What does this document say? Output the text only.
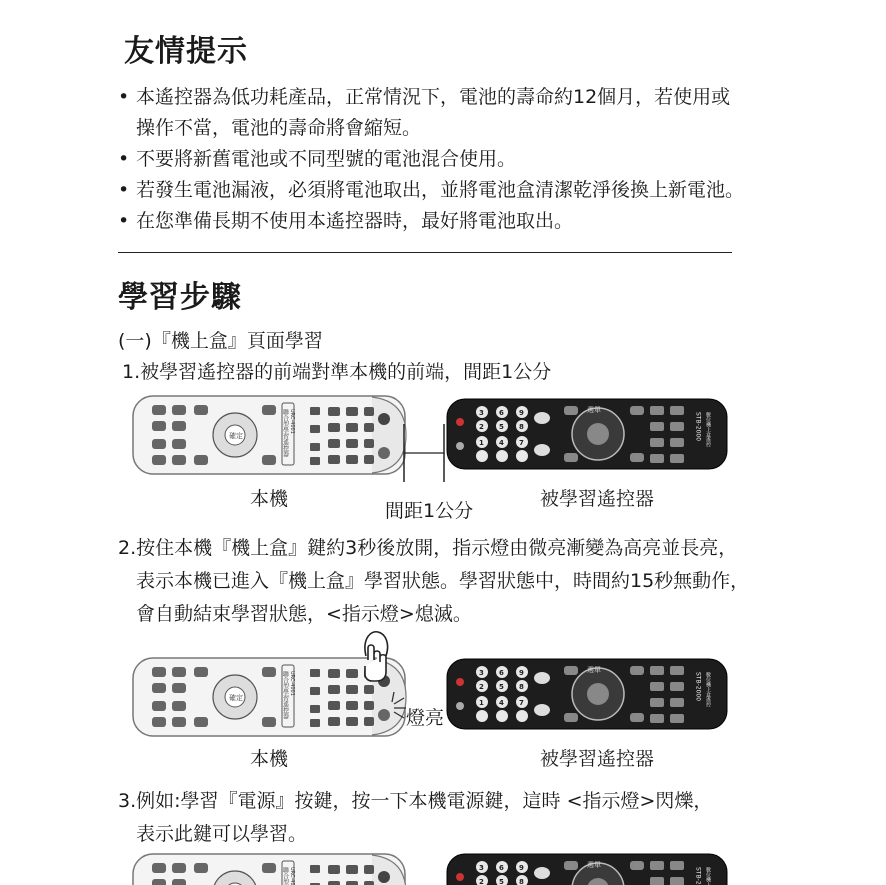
友情提示
• 本遙控器為低功耗產品，正常情況下，電池的壽命約12個月，若使用或
操作不當，電池的壽命將會縮短。
• 不要將新舊電池或不同型號的電池混合使用。
• 若發生電池漏液，必須將電池取出，並將電池盒清潔乾淨後換上新電池。
• 在您準備長期不使用本遙控器時，最好將電池取出。
學習步驟
(一)『機上盒』頁面學習
1.被學習遙控器的前端對準本機的前端，間距1公分
本機
間距1公分
被學習遙控器
2.按住本機『機上盒』鍵約3秒後放開，指示燈由微亮漸變為高亮並長亮，
表示本機已進入『機上盒』學習狀態。學習狀態中，時間約15秒無動作，
會自動結束學習狀態，<指示燈>熄滅。
燈亮
本機	被學習遙控器
3.例如:學習『電源』按鍵，按一下本機電源鍵，這時 <指示燈>閃爍，
表示此鍵可以學習。
